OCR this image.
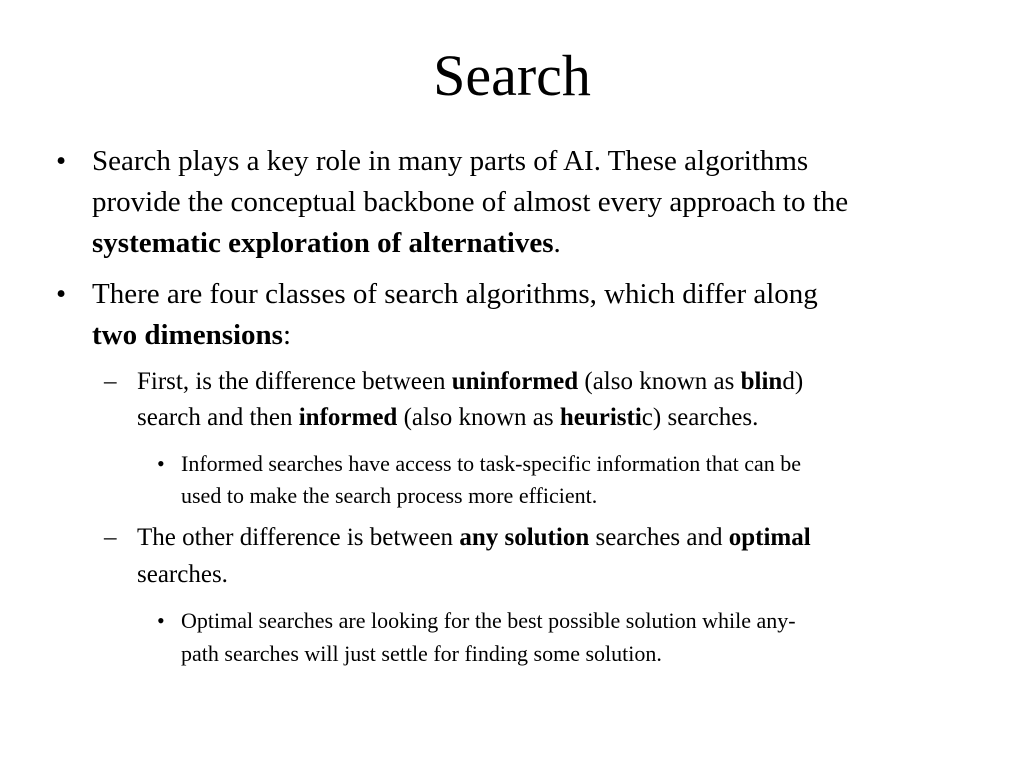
Search
• Search plays a key role in many parts of AI. These algorithms
provide the conceptual backbone of almost every approach to the
systematic exploration of alternatives.
• There are four classes of search algorithms, which differ along
two dimensions:
– First, is the difference between uninformed (also known as blind)
search and then informed (also known as heuristic) searches.
• Informed searches have access to task-specific information that can be
used to make the search process more efficient.
– The other difference is between any solution searches and optimal
searches.
• Optimal searches are looking for the best possible solution while any-
path searches will just settle for finding some solution.
